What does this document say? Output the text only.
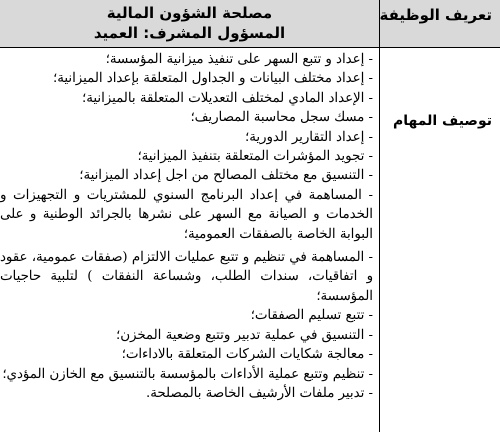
تعريف الوظيفة
مصلحة الشؤون المالية
المسؤول المشرف: العميد
توصيف المهام
- إعداد و تتبع السهر على تنفيذ ميزانية المؤسسة؛
- إعداد مختلف البيانات و الجداول المتعلقة بإعداد الميزانية؛
- الإعداد المادي لمختلف التعديلات المتعلقة بالميزانية؛
- مسك سجل محاسبة المصاريف؛
- إعداد التقارير الدورية؛
- تجويد المؤشرات المتعلقة بتنفيذ الميزانية؛
- التنسيق مع مختلف المصالح من اجل إعداد الميزانية؛
- المساهمة في إعداد البرنامج السنوي للمشتريات و التجهيزات و الخدمات و الصيانة مع السهر على نشرها بالجرائد الوطنية و على البوابة الخاصة بالصفقات العمومية؛
- المساهمة في تنظيم و تتبع عمليات الالتزام (صفقات عمومية، عقود و اتفاقيات، سندات الطلب، وشساعة النفقات ) لتلبية حاجيات المؤسسة؛
- تتبع تسليم الصفقات؛
- التنسيق في عملية تدبير وتتبع وضعية المخزن؛
- معالجة شكايات الشركات المتعلقة بالاداءات؛
- تنظيم وتتبع عملية الأداءات بالمؤسسة بالتنسيق مع الخازن المؤدي؛
- تدبير ملفات الأرشيف الخاصة بالمصلحة.
